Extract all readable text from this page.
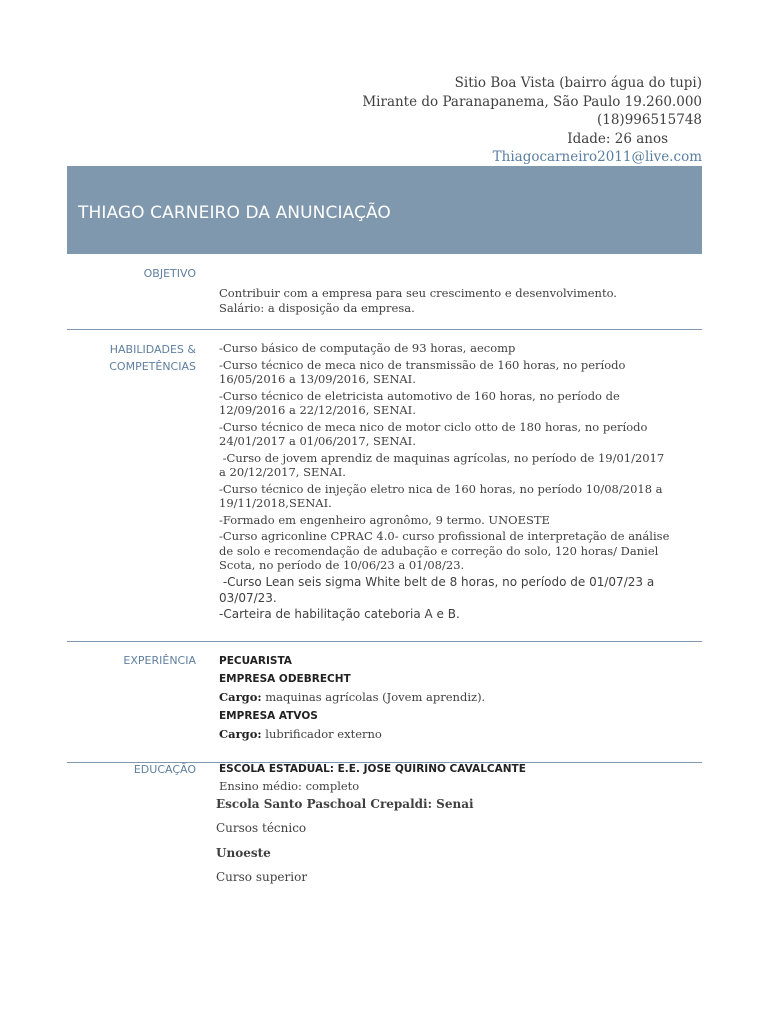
Sitio Boa Vista (bairro água do tupi)
Mirante do Paranapanema, São Paulo 19.260.000
(18)996515748
Idade: 26 anos
Thiagocarneiro2011@live.com
THIAGO CARNEIRO DA ANUNCIAÇÃO
OBJETIVO

Contribuir com a empresa para seu crescimento e desenvolvimento.

Salário: a disposição da empresa.

HABILIDADES &
COMPETÊNCIAS

-Curso básico de computação de 93 horas, aecomp

-Curso técnico de meca nico de transmissão de 160 horas, no período 16/05/2016 a 13/09/2016, SENAI.

-Curso técnico de eletricista automotivo de 160 horas, no período de 12/09/2016 a 22/12/2016, SENAI.

-Curso técnico de meca nico de motor ciclo otto de 180 horas, no período 24/01/2017 a 01/06/2017, SENAI.

-Curso de jovem aprendiz de maquinas agrícolas, no período de 19/01/2017 a 20/12/2017, SENAI.

-Curso técnico de injeção eletro nica de 160 horas, no período 10/08/2018 a 19/11/2018,SENAI.

-Formado em engenheiro agronômo, 9 termo. UNOESTE

-Curso agriconline CPRAC 4.0- curso profissional de interpretação de análise de solo e recomendação de adubação e correção do solo, 120 horas/ Daniel Scota, no período de 10/06/23 a 01/08/23.

-Curso Lean seis sigma White belt de 8 horas, no período de 01/07/23 a 03/07/23.

-Carteira de habilitação cateboria A e B.

EXPERIÊNCIA PECUARISTA

EMPRESA ODEBRECHT

Cargo: maquinas agrícolas (Jovem aprendiz).

EMPRESA ATVOS

Cargo: lubrificador externo

EDUCAÇÃO ESCOLA ESTADUAL: E.E. JOSE QUIRINO CAVALCANTE

Ensino médio: completo

Escola Santo Paschoal Crepaldi: Senai
Cursos técnico
Unoeste
Curso superior
